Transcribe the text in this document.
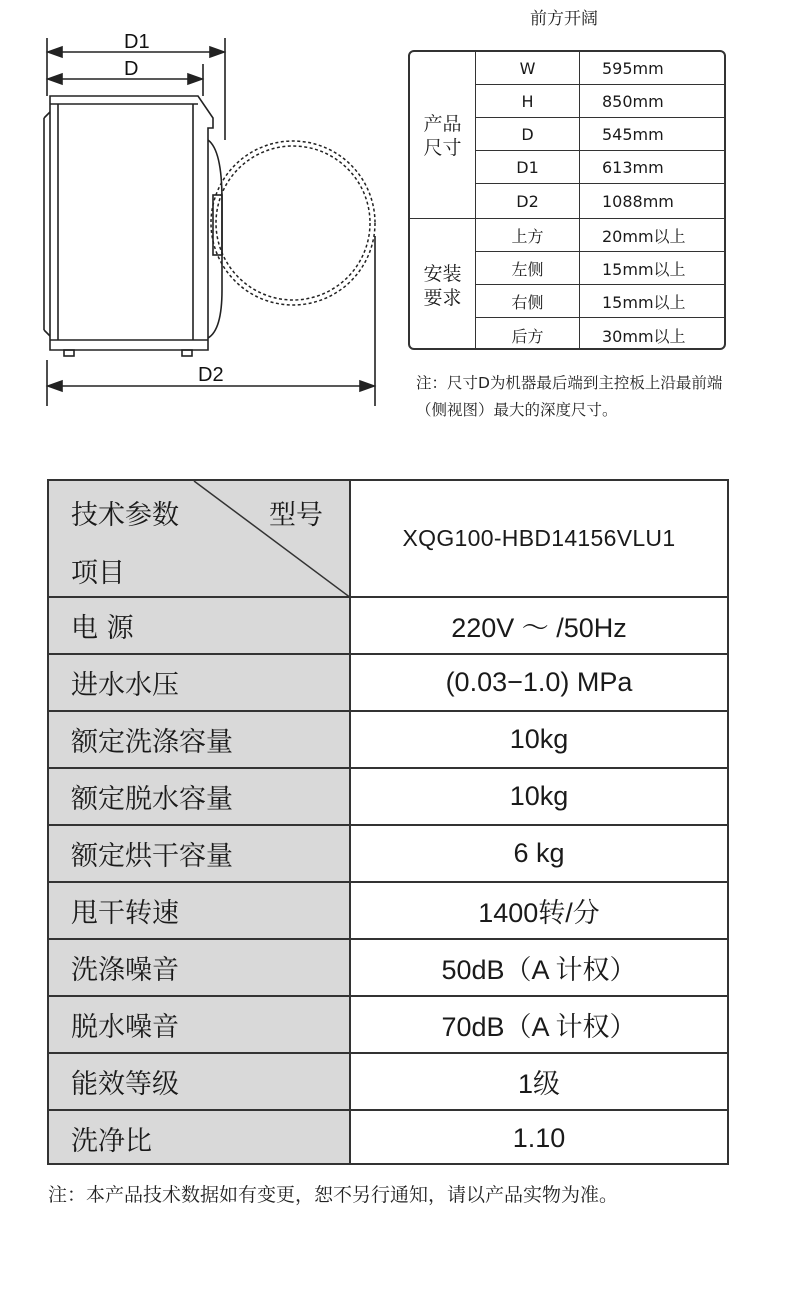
D1
D
D2
前方开阔
产品尺寸
安装要求
W	595mm
H	850mm
D	545mm
D1	613mm
D2	1088mm
上方	20mm以上
左侧	15mm以上
右侧	15mm以上
后方	30mm以上
注：尺寸D为机器最后端到主控板上沿最前端（侧视图）最大的深度尺寸。
技术参数	型号
项目
XQG100-HBD14156VLU1
电 源	220V ～ /50Hz
进水水压	(0.03−1.0) MPa
额定洗涤容量	10kg
额定脱水容量	10kg
额定烘干容量	6 kg
甩干转速	1400转/分
洗涤噪音	50dB（A 计权）
脱水噪音	70dB（A 计权）
能效等级	1级
洗净比	1.10
注：本产品技术数据如有变更，恕不另行通知，请以产品实物为准。
